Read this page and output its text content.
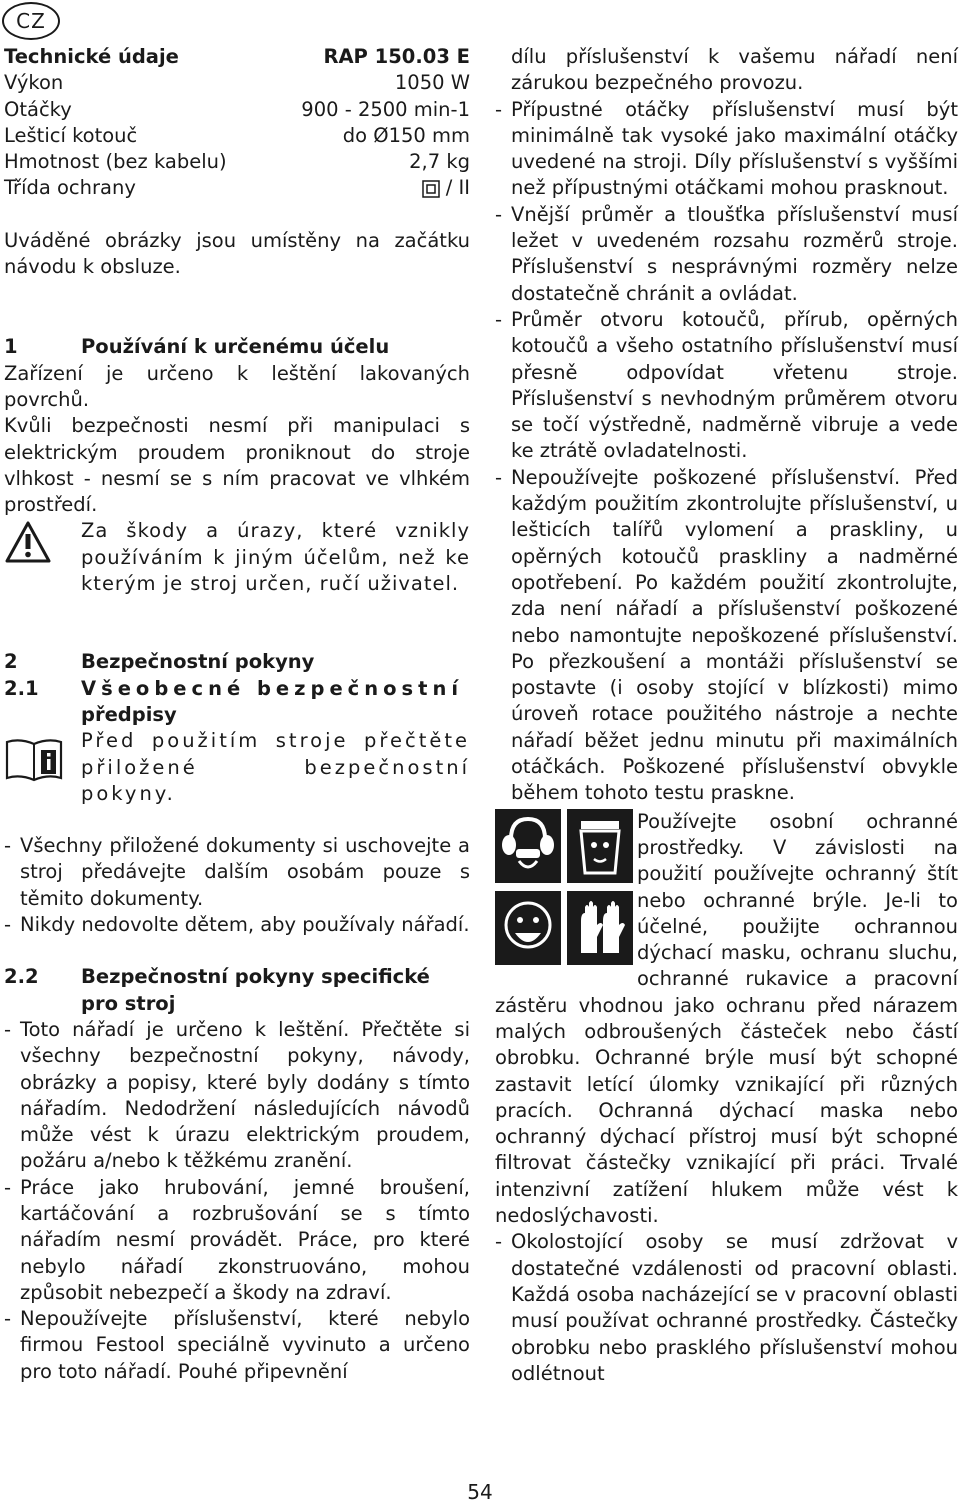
CZ
Technické údaje	RAP 150.03 E
Výkon	1050 W
Otáčky	900 - 2500 min-1
Lešticí kotouč	do Ø150 mm
Hmotnost (bez kabelu)	2,7 kg
Třída ochrany	/ II

Uváděné obrázky jsou umístěny na začátku návodu k obsluze.

1	Používání k určenému účelu

Zařízení je určeno k leštění lakovaných povrchů.

Kvůli bezpečnosti nesmí při manipulaci s elektrickým proudem proniknout do stroje vlhkost - nesmí se s ním pracovat ve vlhkém prostředí.

Za škody a úrazy, které vznikly používáním k jiným účelům, než ke kterým je stroj určen, ručí uživatel.

2	Bezpečnostní pokyny
2.1	Všeobecné bezpečnostní
předpisy

Před použitím stroje přečtěte přiložené bezpečnostní pokyny.

- Všechny přiložené dokumenty si uschovejte a stroj předávejte dalším osobám pouze s těmito dokumenty.
- Nikdy nedovolte dětem, aby používaly nářadí.
2.2	Bezpečnostní pokyny specifické pro stroj
- Toto nářadí je určeno k leštění. Přečtěte si všechny bezpečnostní pokyny, návody, obrázky a popisy, které byly dodány s tímto nářadím. Nedodržení následujících návodů může vést k úrazu elektrickým proudem, požáru a/nebo k těžkému zranění.
- Práce jako hrubování, jemné broušení, kartáčování a rozbrušování se s tímto nářadím nesmí provádět. Práce, pro které nebylo nářadí zkonstruováno, mohou způsobit nebezpečí a škody na zdraví.
- Nepoužívejte příslušenství, které nebylo firmou Festool speciálně vyvinuto a určeno pro toto nářadí. Pouhé připevnění
dílu příslušenství k vašemu nářadí není zárukou bezpečného provozu.
- Přípustné otáčky příslušenství musí být minimálně tak vysoké jako maximální otáčky uvedené na stroji. Díly příslušenství s vyššími než přípustnými otáčkami mohou prasknout.
- Vnější průměr a tloušťka příslušenství musí ležet v uvedeném rozsahu rozměrů stroje. Příslušenství s nesprávnými rozměry nelze dostatečně chránit a ovládat.
- Průměr otvoru kotoučů, přírub, opěrných kotoučů a všeho ostatního příslušenství musí přesně odpovídat vřetenu stroje. Příslušenství s nevhodným průměrem otvoru se točí výstředně, nadměrně vibruje a vede ke ztrátě ovladatelnosti.
- Nepoužívejte poškozené příslušenství. Před každým použitím zkontrolujte příslušenství, u lešticích talířů vylomení a praskliny, u opěrných kotoučů praskliny a nadměrné opotřebení. Po každém použití zkontrolujte, zda není nářadí a příslušenství poškozené nebo namontujte nepoškozené příslušenství. Po přezkoušení a montáži příslušenství se postavte (i osoby stojící v blízkosti) mimo úroveň rotace použitého nástroje a nechte nářadí běžet jednu minutu při maximálních otáčkách. Poškozené příslušenství obvykle během tohoto testu praskne.

Používejte osobní ochranné prostředky. V závislosti na použití používejte ochranný štít nebo ochranné brýle. Je-li to účelné, použijte ochrannou dýchací masku, ochranu sluchu, ochranné rukavice a pracovní zástěru vhodnou jako ochranu před nárazem malých odbroušených částeček nebo částí obrobku. Ochranné brýle musí být schopné zastavit letící úlomky vznikající při různých pracích. Ochranná dýchací maska nebo ochranný dýchací přístroj musí být schopné filtrovat částečky vznikající při práci. Trvalé intenzivní zatížení hlukem může vést k nedoslýchavosti.

- Okolostojící osoby se musí zdržovat v dostatečné vzdálenosti od pracovní oblasti. Každá osoba nacházející se v pracovní oblasti musí používat ochranné prostředky. Částečky obrobku nebo prasklého příslušenství mohou odlétnout
54
